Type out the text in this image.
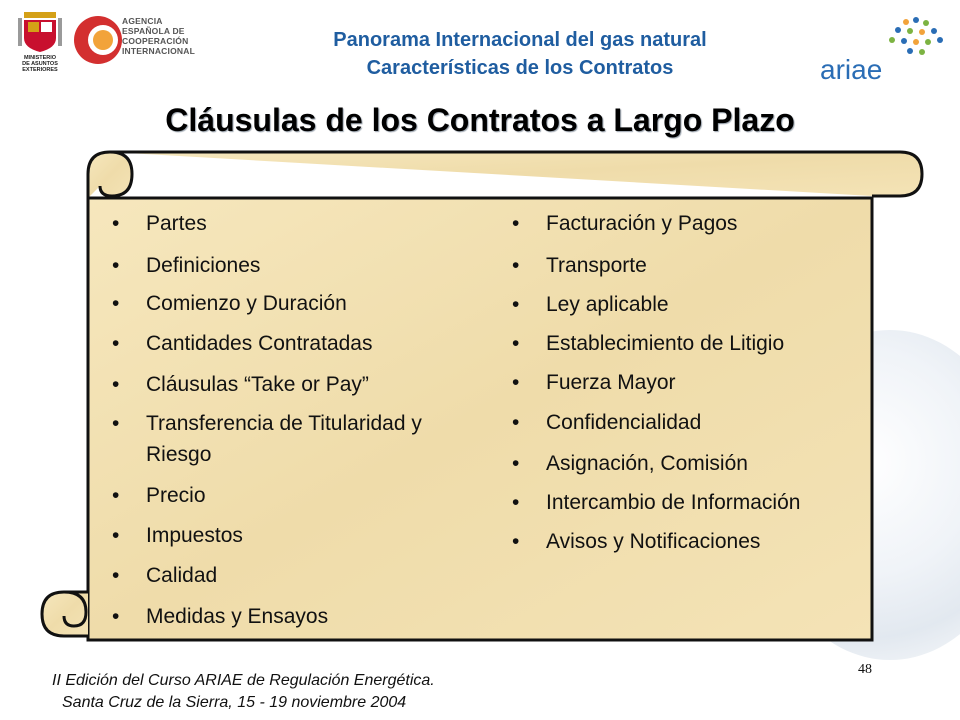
MINISTERIO
DE ASUNTOS
EXTERIORES
AGENCIA
ESPAÑOLA DE
COOPERACIÓN
INTERNACIONAL	Panorama Internacional del gas natural
Características de los Contratos	ariae
Cláusulas de los Contratos a Largo Plazo
• Partes
• Definiciones
• Comienzo y Duración
• Cantidades Contratadas
• Cláusulas “Take or Pay”
• Transferencia de Titularidad y Riesgo
• Precio
• Impuestos
• Calidad
• Medidas y Ensayos
• Facturación y Pagos
• Transporte
• Ley aplicable
• Establecimiento de Litigio
• Fuerza Mayor
• Confidencialidad
• Asignación, Comisión
• Intercambio de Información
• Avisos y Notificaciones
II Edición del Curso ARIAE de Regulación Energética.
Santa Cruz de la Sierra, 15 - 19 noviembre 2004
48
